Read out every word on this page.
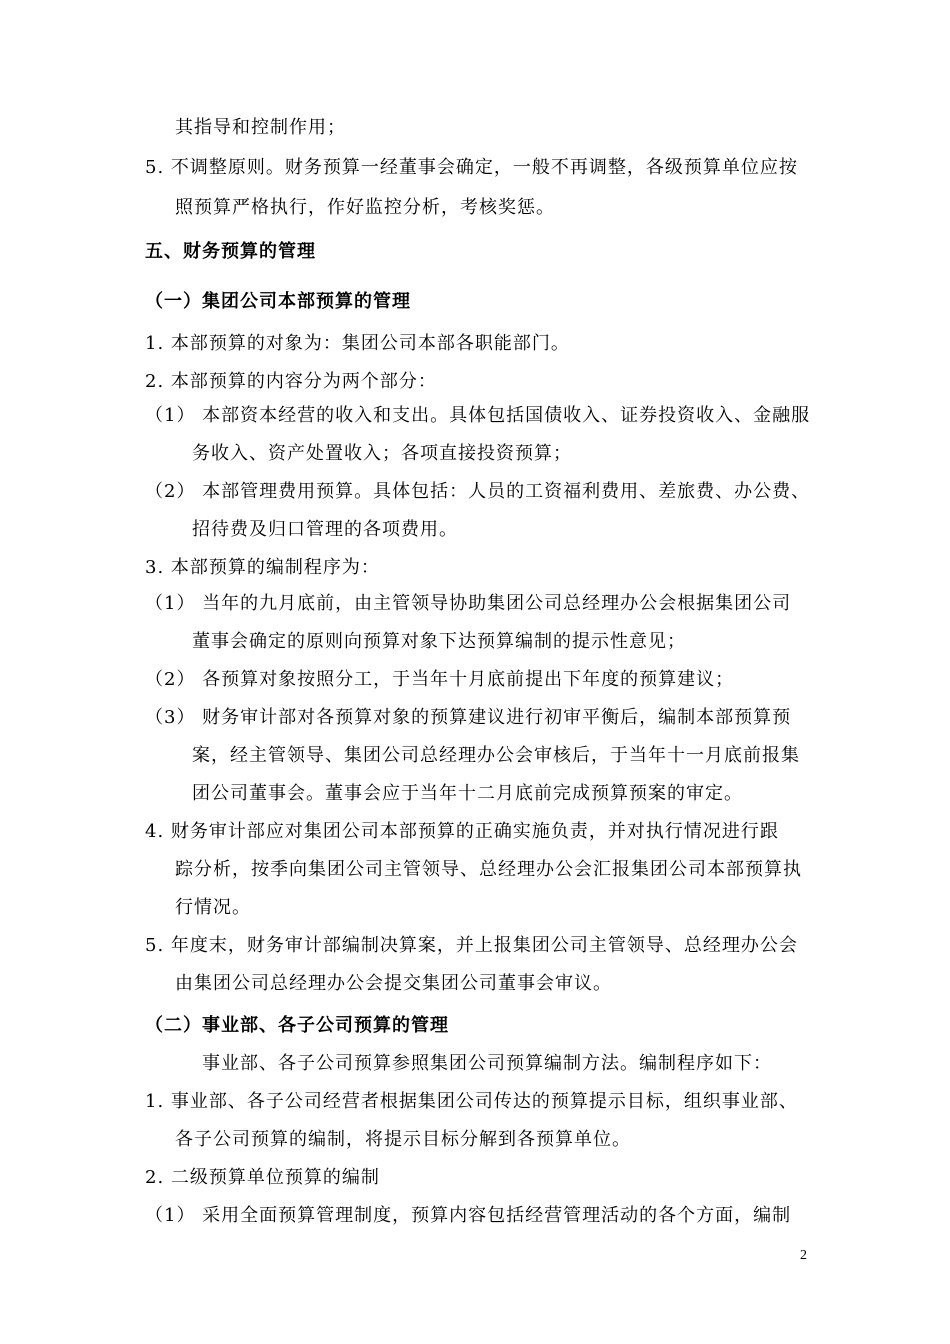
其指导和控制作用；
5. 不调整原则。财务预算一经董事会确定，一般不再调整，各级预算单位应按
照预算严格执行，作好监控分析，考核奖惩。
五、财务预算的管理
（一）集团公司本部预算的管理
1. 本部预算的对象为：集团公司本部各职能部门。
2. 本部预算的内容分为两个部分：
（1） 本部资本经营的收入和支出。具体包括国债收入、证券投资收入、金融服
务收入、资产处置收入；各项直接投资预算；
（2） 本部管理费用预算。具体包括：人员的工资福利费用、差旅费、办公费、
招待费及归口管理的各项费用。
3. 本部预算的编制程序为：
（1） 当年的九月底前，由主管领导协助集团公司总经理办公会根据集团公司
董事会确定的原则向预算对象下达预算编制的提示性意见；
（2） 各预算对象按照分工，于当年十月底前提出下年度的预算建议；
（3） 财务审计部对各预算对象的预算建议进行初审平衡后，编制本部预算预
案，经主管领导、集团公司总经理办公会审核后，于当年十一月底前报集
团公司董事会。董事会应于当年十二月底前完成预算预案的审定。
4. 财务审计部应对集团公司本部预算的正确实施负责，并对执行情况进行跟
踪分析，按季向集团公司主管领导、总经理办公会汇报集团公司本部预算执
行情况。
5. 年度末，财务审计部编制决算案，并上报集团公司主管领导、总经理办公会
由集团公司总经理办公会提交集团公司董事会审议。
（二）事业部、各子公司预算的管理
事业部、各子公司预算参照集团公司预算编制方法。编制程序如下：
1. 事业部、各子公司经营者根据集团公司传达的预算提示目标，组织事业部、
各子公司预算的编制，将提示目标分解到各预算单位。
2. 二级预算单位预算的编制
（1） 采用全面预算管理制度，预算内容包括经营管理活动的各个方面，编制
2
